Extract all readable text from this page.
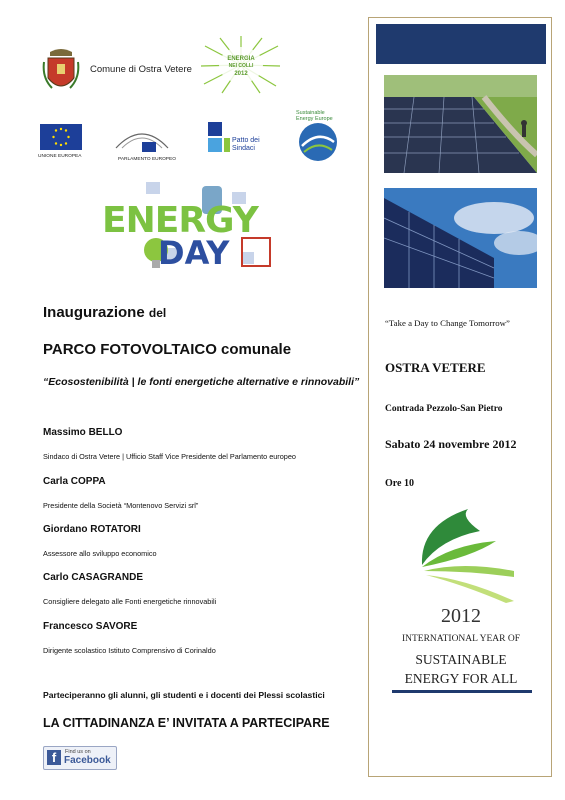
Comune di Ostra Vetere
ENERGIA
NEI COLLI
2012
UNIONE EUROPEA
PARLAMENTO EUROPEO
Patto dei
Sindaci
Sustainable
Energy Europe
ENERGY
DAY
Inaugurazione del
PARCO FOTOVOLTAICO comunale
“Ecosostenibilità | le fonti energetiche alternative e rinnovabili”
Massimo BELLO
Sindaco di Ostra Vetere | Ufficio Staff Vice Presidente del Parlamento europeo
Carla COPPA
Presidente della Società “Montenovo Servizi srl”
Giordano ROTATORI
Assessore allo sviluppo economico
Carlo CASAGRANDE
Consigliere delegato alle Fonti energetiche rinnovabili
Francesco SAVORE
Dirigente scolastico Istituto Comprensivo di Corinaldo
Parteciperanno gli alunni, gli studenti e i docenti dei Plessi scolastici
LA CITTADINANZA E’ INVITATA A PARTECIPARE
f	Find us on
Facebook
“Take a Day to Change Tomorrow”
OSTRA VETERE
Contrada Pezzolo-San Pietro
Sabato 24 novembre 2012
Ore 10
2012
INTERNATIONAL YEAR OF
SUSTAINABLE
ENERGY FOR ALL
